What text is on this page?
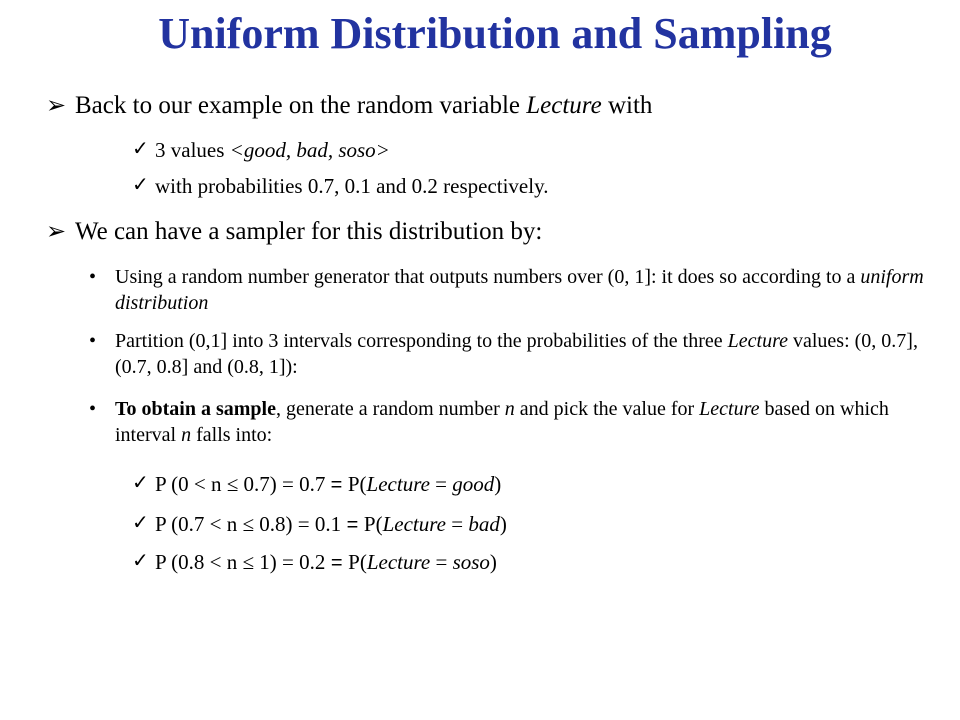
Uniform Distribution and Sampling
➢ Back to our example on the random variable Lecture with
✓ 3 values <good, bad, soso>
✓ with probabilities 0.7, 0.1 and 0.2 respectively.
➢ We can have a sampler for this distribution by:
• Using a random number generator that outputs numbers over (0, 1]: it does so according to a uniform distribution
• Partition (0,1] into 3 intervals corresponding to the probabilities of the three Lecture values: (0, 0.7], (0.7, 0.8] and (0.8, 1]):
• To obtain a sample, generate a random number n and pick the value for Lecture based on which interval n falls into:
✓ P (0 < n ≤ 0.7) = 0.7 = P(Lecture = good)
✓ P (0.7 < n ≤ 0.8) = 0.1 = P(Lecture = bad)
✓ P (0.8 < n ≤ 1) = 0.2 = P(Lecture = soso)
